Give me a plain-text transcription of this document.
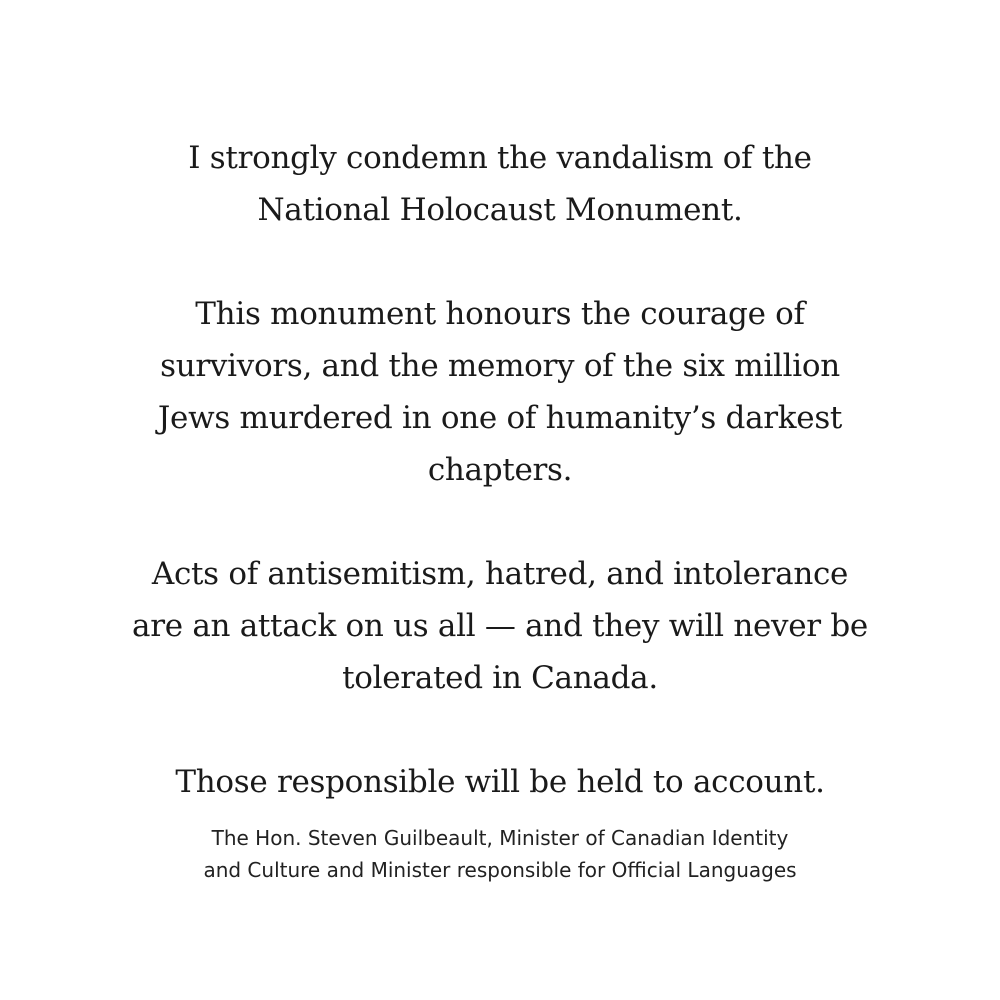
I strongly condemn the vandalism of the
National Holocaust Monument.

This monument honours the courage of
survivors, and the memory of the six million
Jews murdered in one of humanity’s darkest
chapters.

Acts of antisemitism, hatred, and intolerance
are an attack on us all — and they will never be
tolerated in Canada.

Those responsible will be held to account.

The Hon. Steven Guilbeault, Minister of Canadian Identity
and Culture and Minister responsible for Official Languages
